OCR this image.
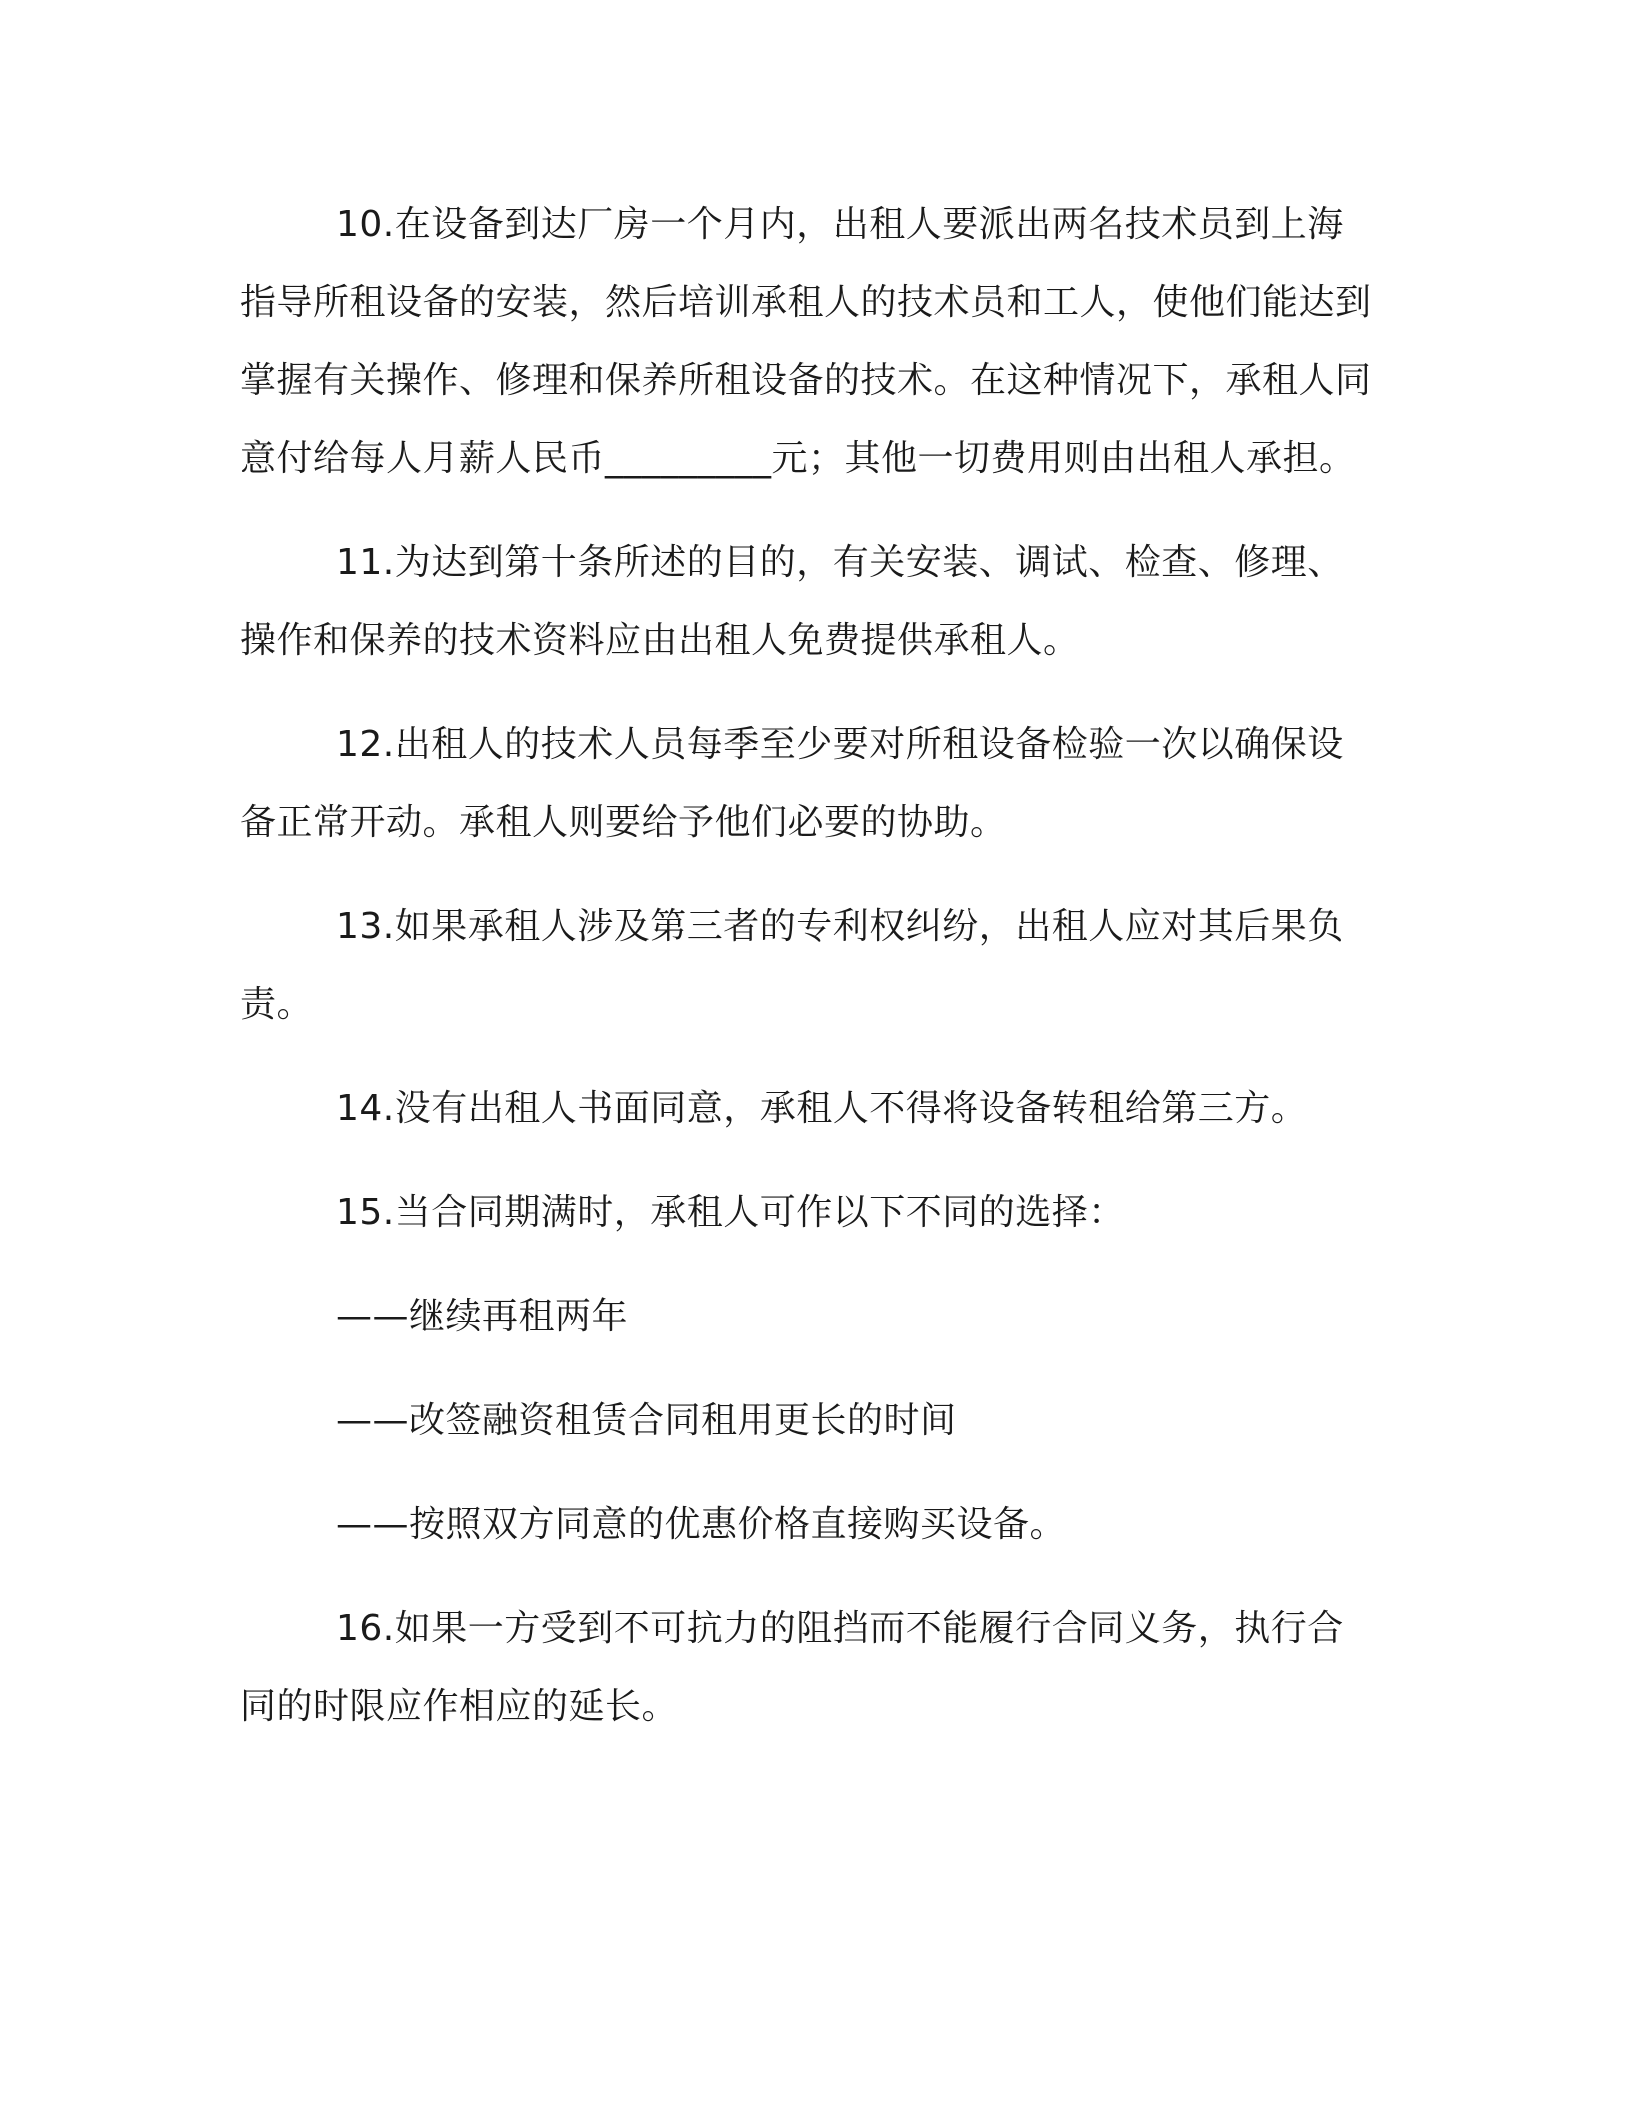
10.在设备到达厂房一个月内，出租人要派出两名技术员到上海指导所租设备的安装，然后培训承租人的技术员和工人，使他们能达到掌握有关操作、修理和保养所租设备的技术。在这种情况下，承租人同意付给每人月薪人民币_________元；其他一切费用则由出租人承担。

11.为达到第十条所述的目的，有关安装、调试、检查、修理、操作和保养的技术资料应由出租人免费提供承租人。

12.出租人的技术人员每季至少要对所租设备检验一次以确保设备正常开动。承租人则要给予他们必要的协助。

13.如果承租人涉及第三者的专利权纠纷，出租人应对其后果负责。

14.没有出租人书面同意，承租人不得将设备转租给第三方。

15.当合同期满时，承租人可作以下不同的选择：

——继续再租两年

——改签融资租赁合同租用更长的时间

——按照双方同意的优惠价格直接购买设备。

16.如果一方受到不可抗力的阻挡而不能履行合同义务，执行合同的时限应作相应的延长。
